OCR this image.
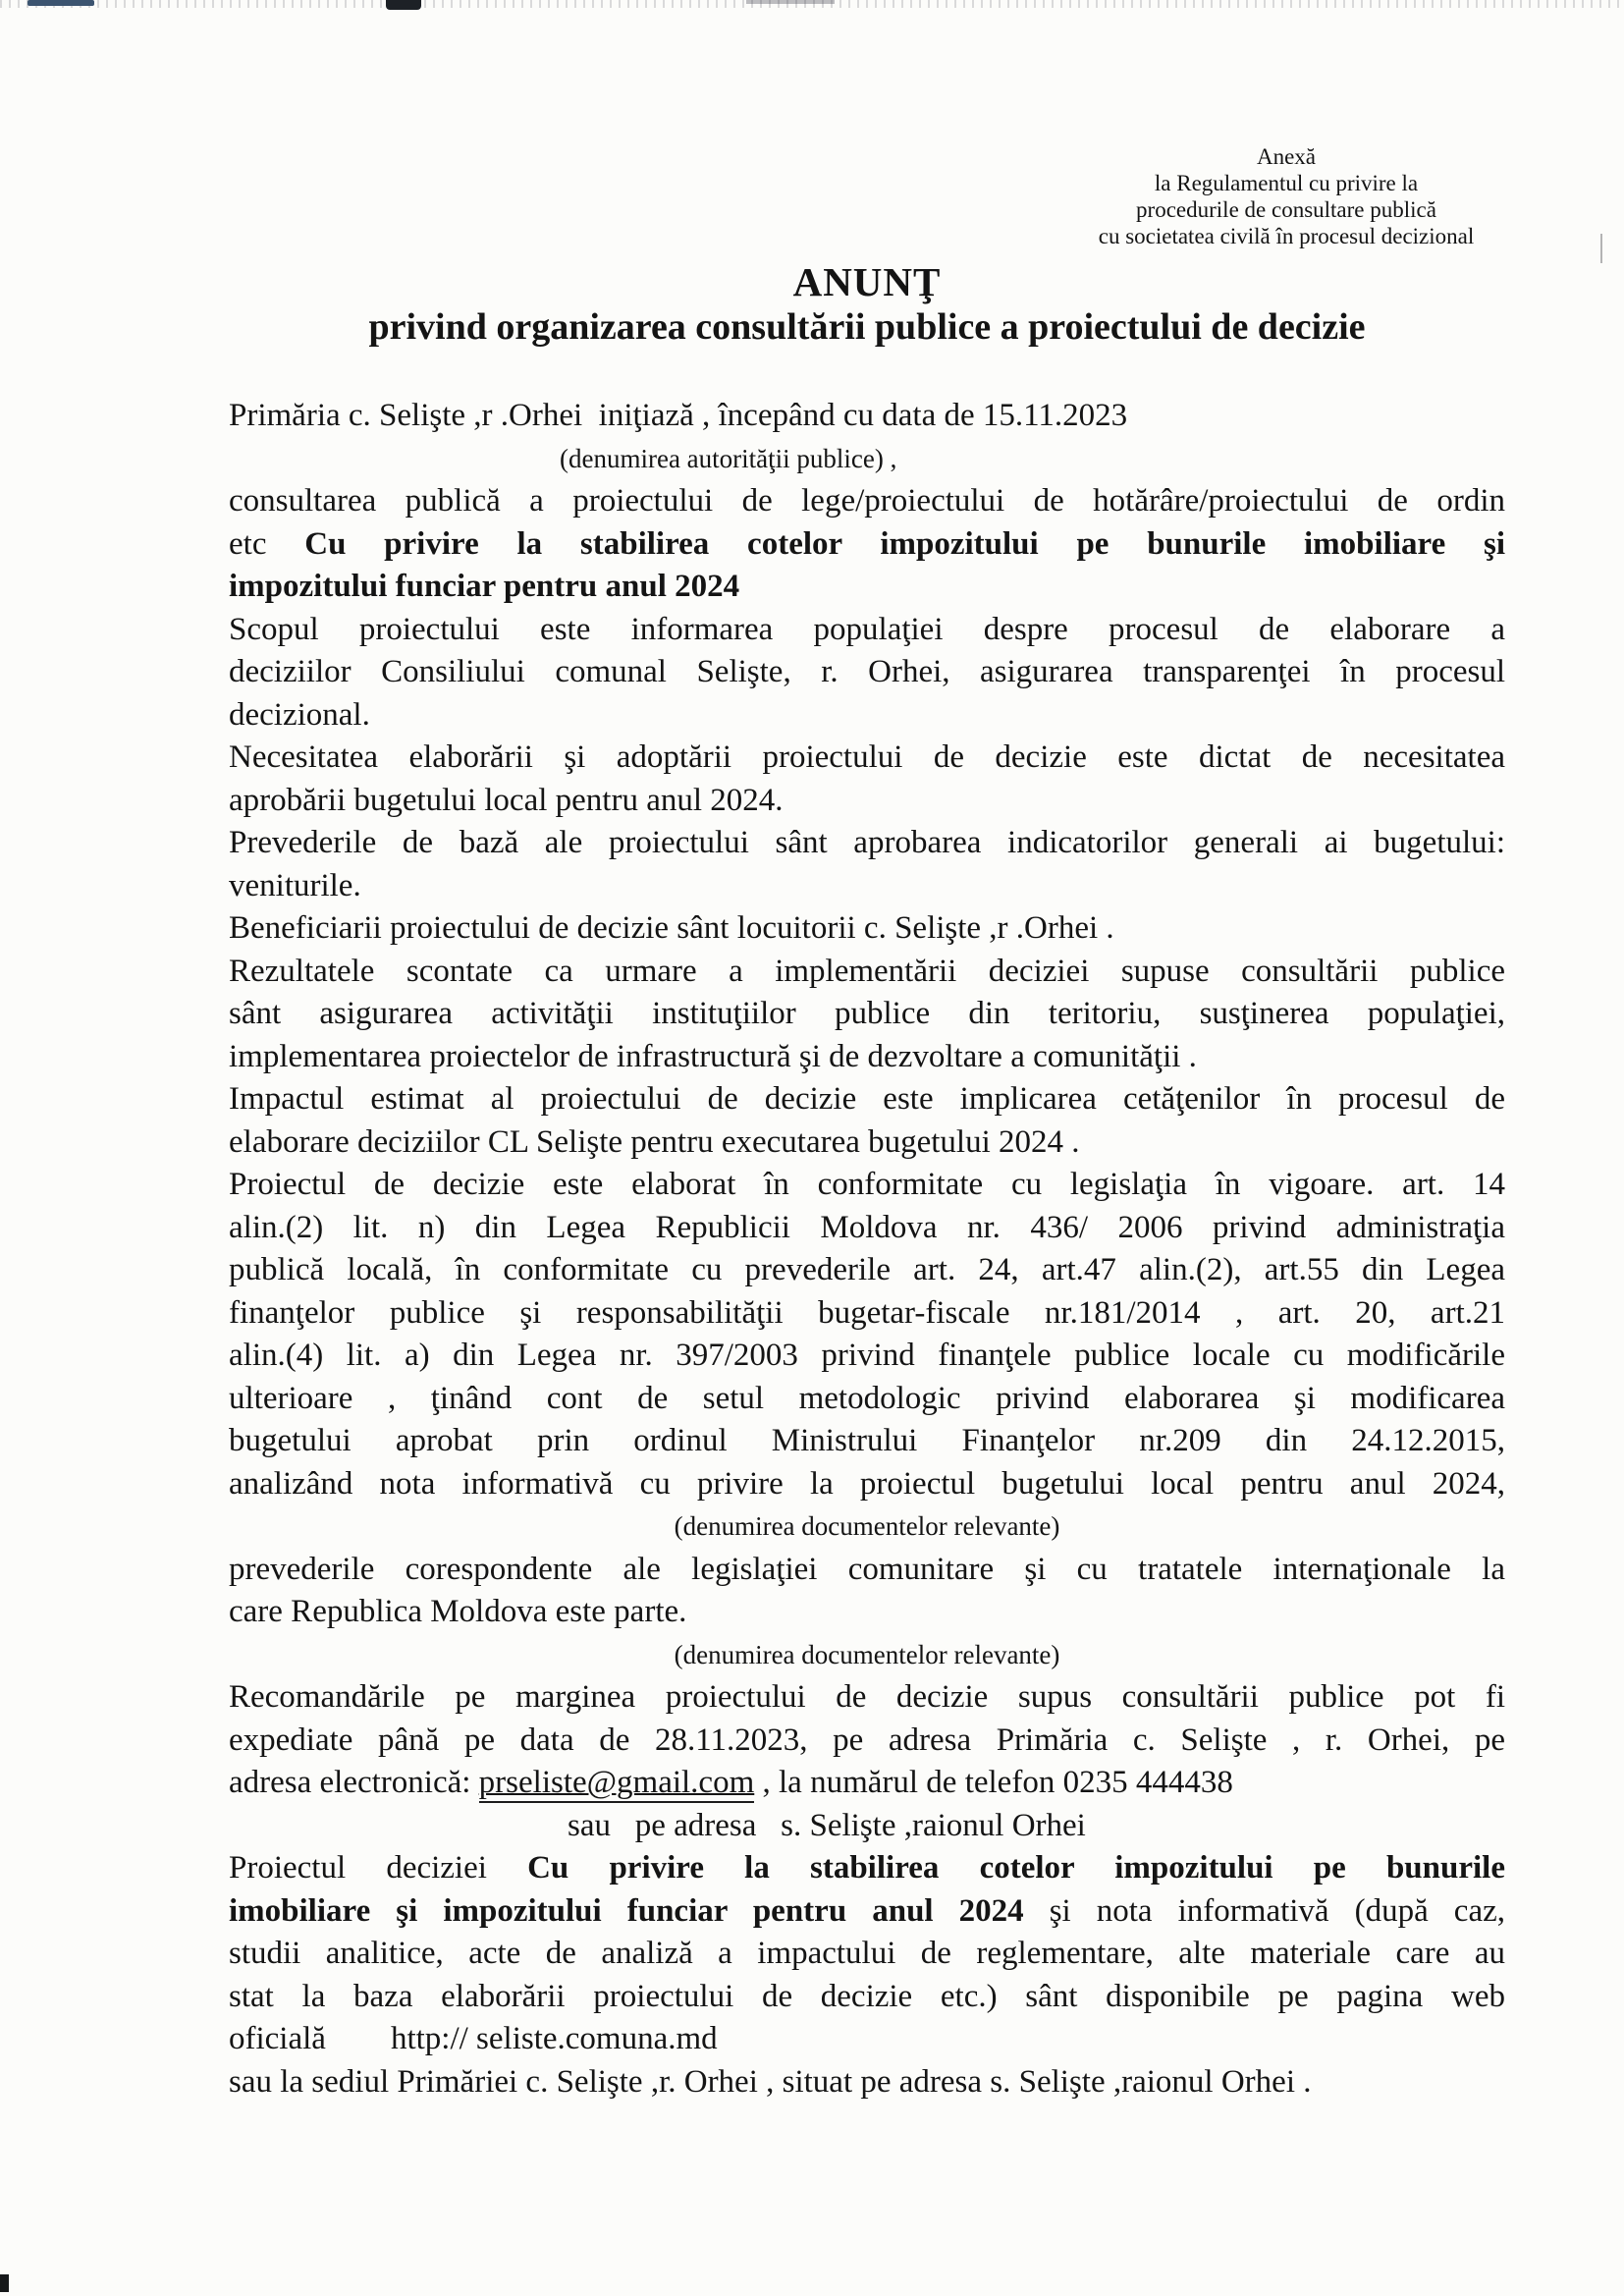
Anexă
la Regulamentul cu privire la
procedurile de consultare publică
cu societatea civilă în procesul decizional
ANUNŢ
privind organizarea consultării publice a proiectului de decizie
Primăria c. Selişte ,r .Orhei  iniţiază , începând cu data de 15.11.2023
(denumirea autorităţii publice) ,
consultarea publică a proiectului de lege/proiectului de hotărâre/proiectului de ordin
etc Cu privire la stabilirea cotelor impozitului pe bunurile imobiliare şi
impozitului funciar pentru anul 2024
Scopul proiectului este informarea populaţiei despre procesul de elaborare a
deciziilor Consiliului comunal Selişte, r. Orhei, asigurarea transparenţei în procesul
decizional.
Necesitatea elaborării şi adoptării proiectului de decizie este dictat de necesitatea
aprobării bugetului local pentru anul 2024.
Prevederile de bază ale proiectului sânt aprobarea indicatorilor generali ai bugetului:
veniturile.
Beneficiarii proiectului de decizie sânt locuitorii c. Selişte ,r .Orhei .
Rezultatele scontate ca urmare a implementării deciziei supuse consultării publice
sânt asigurarea activităţii instituţiilor publice din teritoriu, susţinerea populaţiei,
implementarea proiectelor de infrastructură şi de dezvoltare a comunităţii .
Impactul estimat al proiectului de decizie este implicarea cetăţenilor în procesul de
elaborare deciziilor CL Selişte pentru executarea bugetului 2024 .
Proiectul de decizie este elaborat în conformitate cu legislaţia în vigoare. art. 14
alin.(2) lit. n) din Legea Republicii Moldova nr. 436/ 2006 privind administraţia
publică locală, în conformitate cu prevederile art. 24, art.47 alin.(2), art.55 din Legea
finanţelor publice şi responsabilităţii bugetar-fiscale nr.181/2014 , art. 20, art.21
alin.(4) lit. a) din Legea nr. 397/2003 privind finanţele publice locale cu modificările
ulterioare , ţinând cont de setul metodologic privind elaborarea şi modificarea
bugetului aprobat prin ordinul Ministrului Finanţelor nr.209 din 24.12.2015,
analizând nota informativă cu privire la proiectul bugetului local pentru anul 2024,
(denumirea documentelor relevante)
prevederile corespondente ale legislaţiei comunitare şi cu tratatele internaţionale la
care Republica Moldova este parte.
(denumirea documentelor relevante)
Recomandările pe marginea proiectului de decizie supus consultării publice pot fi
expediate până pe data de 28.11.2023, pe adresa Primăria c. Selişte , r. Orhei, pe
adresa electronică: prseliste@gmail.com , la numărul de telefon 0235 444438
sau   pe adresa   s. Selişte ,raionul Orhei
Proiectul deciziei Cu privire la stabilirea cotelor impozitului pe bunurile
imobiliare şi impozitului funciar pentru anul 2024 şi nota informativă (după caz,
studii analitice, acte de analiză a impactului de reglementare, alte materiale care au
stat la baza elaborării proiectului de decizie etc.) sânt disponibile pe pagina web
oficială        http:// seliste.comuna.md
sau la sediul Primăriei c. Selişte ,r. Orhei , situat pe adresa s. Selişte ,raionul Orhei .
